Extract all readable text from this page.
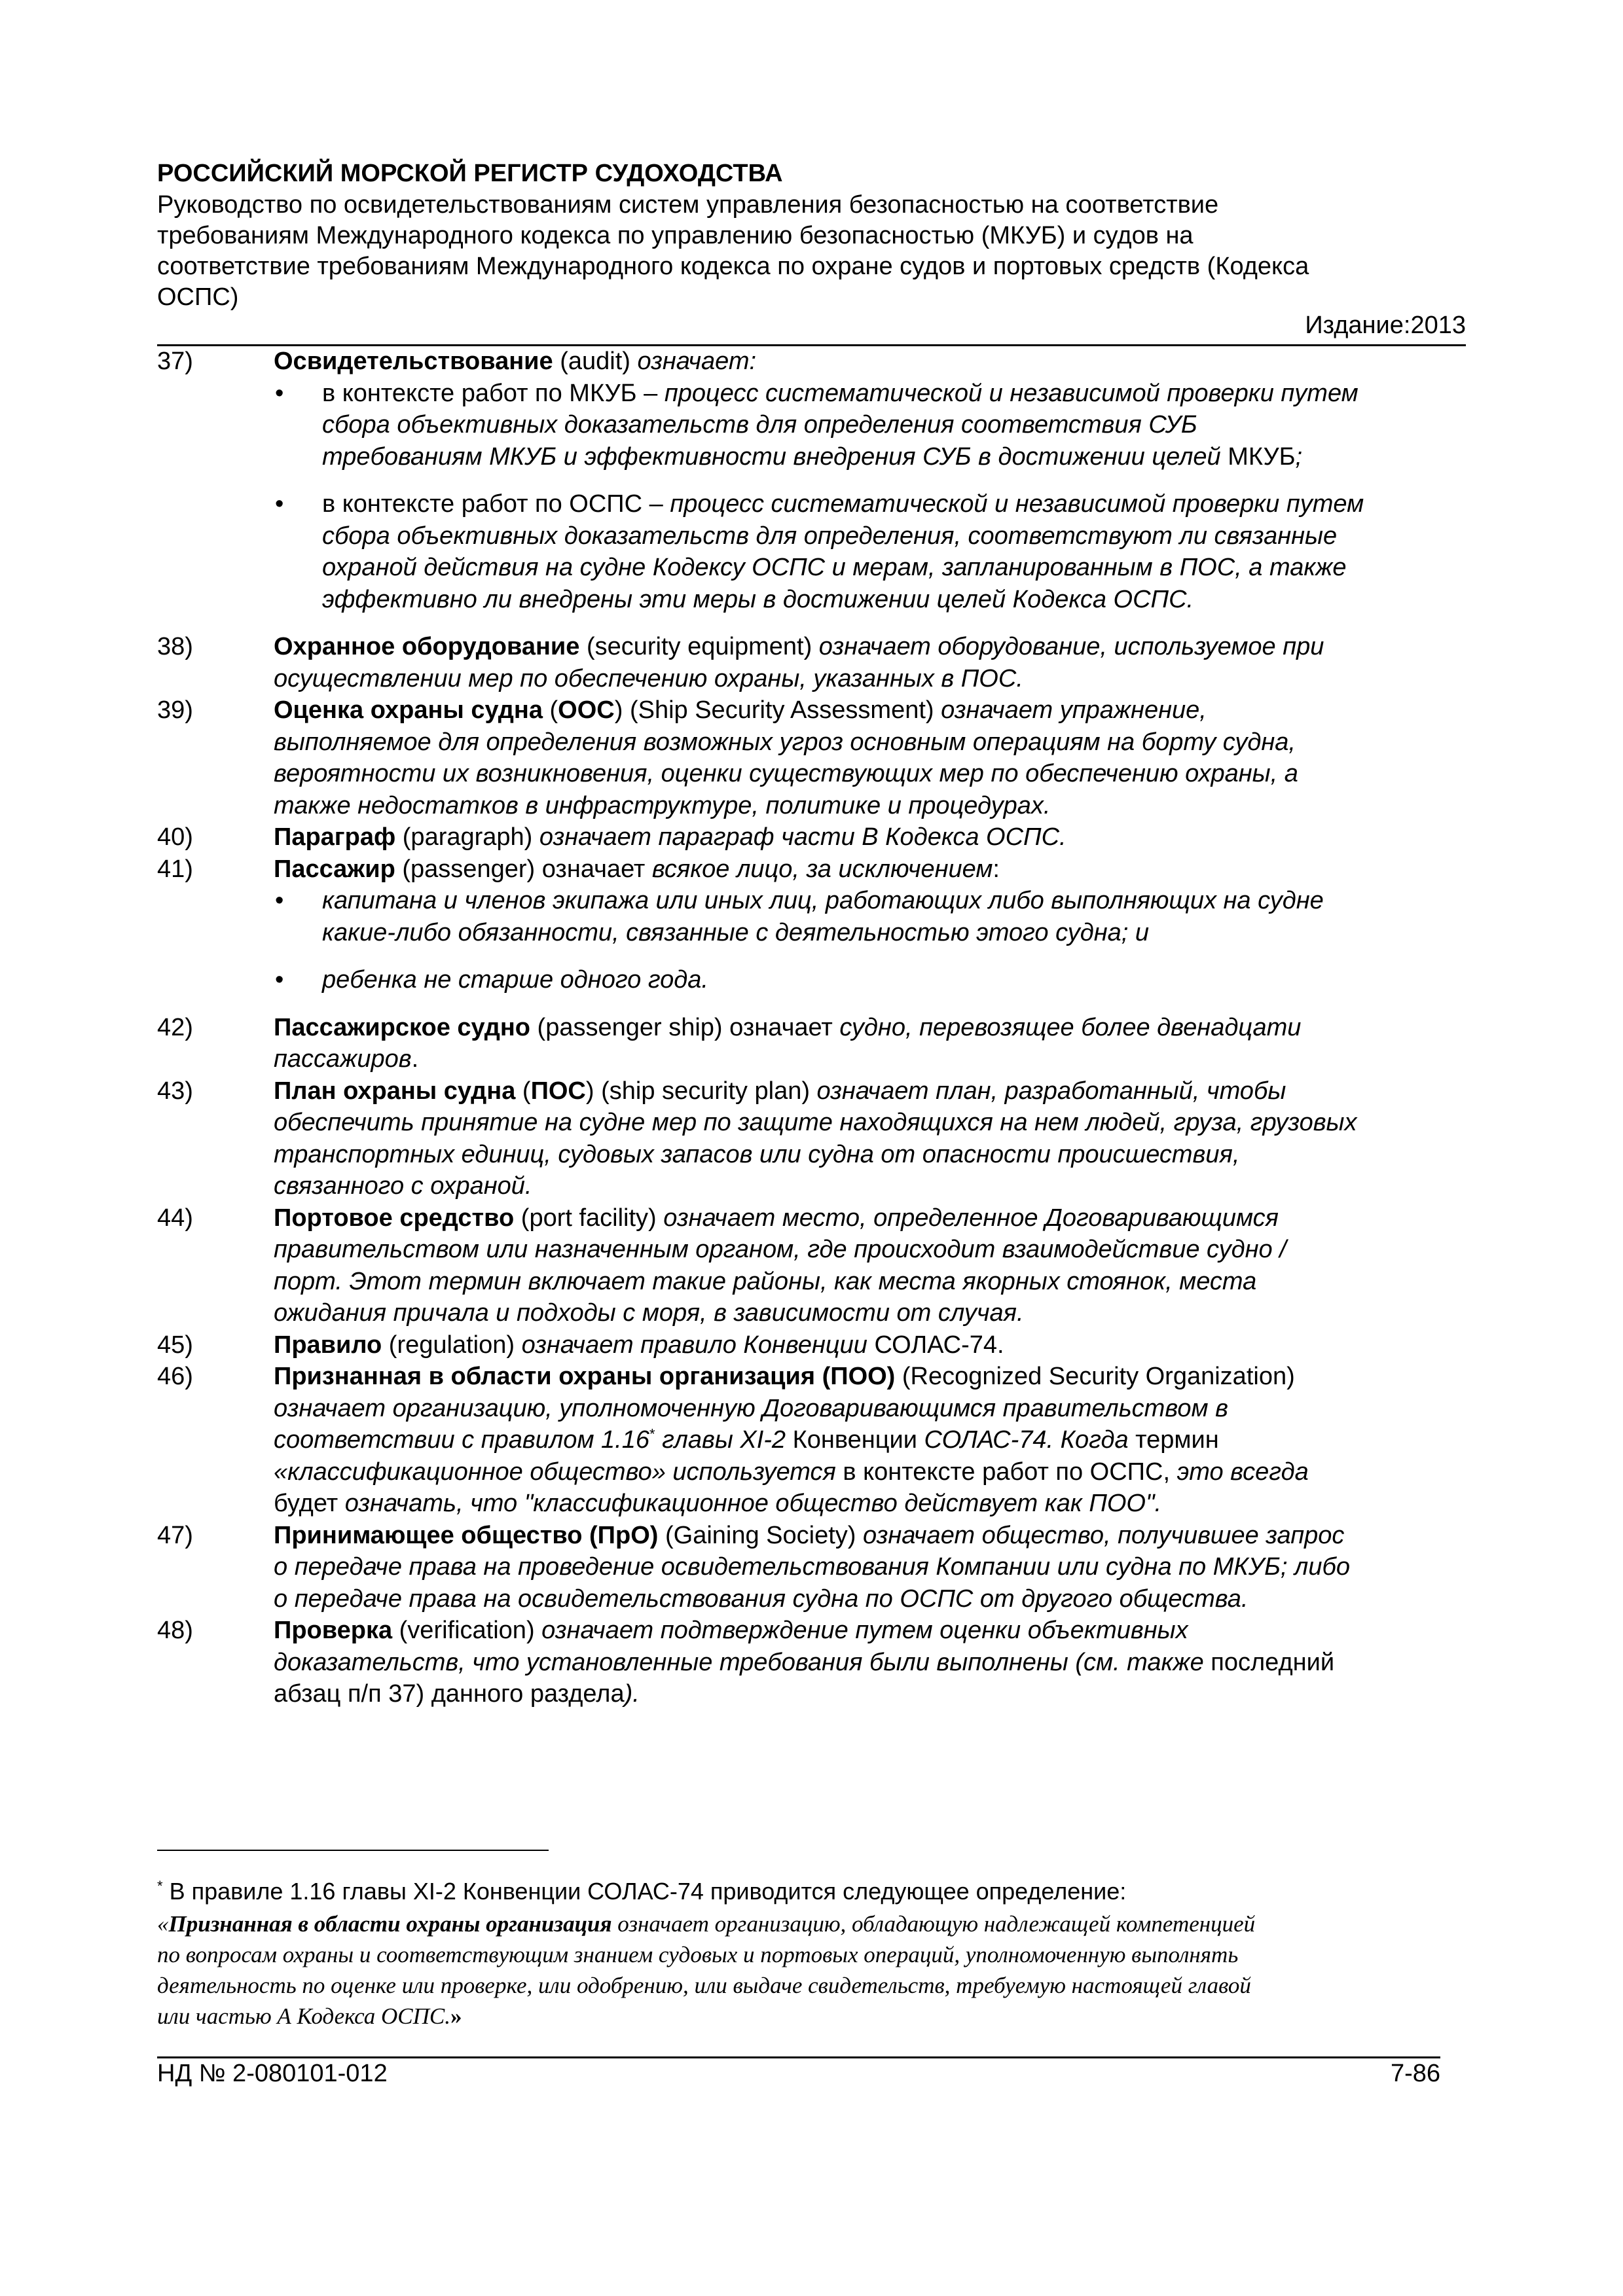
РОССИЙСКИЙ МОРСКОЙ РЕГИСТР СУДОХОДСТВА
Руководство по освидетельствованиям систем управления безопасностью на соответствие
требованиям Международного кодекса по управлению безопасностью (МКУБ) и судов на
соответствие требованиям Международного кодекса по охране судов и портовых средств (Кодекса
ОСПС)
Издание:2013
37)	Освидетельствование (audit) означает:
• в контексте работ по МКУБ – процесс систематической и независимой проверки путем
сбора объективных доказательств для определения соответствия СУБ
требованиям МКУБ и эффективности внедрения СУБ в достижении целей МКУБ;
• в контексте работ по ОСПС – процесс систематической и независимой проверки путем
сбора объективных доказательств для определения, соответствуют ли связанные
охраной действия на судне Кодексу ОСПС и мерам, запланированным в ПОС, а также
эффективно ли внедрены эти меры в достижении целей Кодекса ОСПС.
38)	Охранное оборудование (security equipment) означает оборудование, используемое при
осуществлении мер по обеспечению охраны, указанных в ПОС.
39)	Оценка охраны судна (ООС) (Ship Security Assessment) означает упражнение,
выполняемое для определения возможных угроз основным операциям на борту судна,
вероятности их возникновения, оценки существующих мер по обеспечению охраны, а
также недостатков в инфраструктуре, политике и процедурах.
40)	Параграф (paragraph) означает параграф части B Кодекса ОСПС.
41)	Пассажир (passenger) означает всякое лицо, за исключением:
• капитана и членов экипажа или иных лиц, работающих либо выполняющих на судне
какие-либо обязанности, связанные с деятельностью этого судна; и
• ребенка не старше одного года.
42)	Пассажирское судно (passenger ship) означает судно, перевозящее более двенадцати
пассажиров.
43)	План охраны судна (ПОС) (ship security plan) означает план, разработанный, чтобы
обеспечить принятие на судне мер по защите находящихся на нем людей, груза, грузовых
транспортных единиц, судовых запасов или судна от опасности происшествия,
связанного с охраной.
44)	Портовое средство (port facility) означает место, определенное Договаривающимся
правительством или назначенным органом, где происходит взаимодействие судно /
порт. Этот термин включает такие районы, как места якорных стоянок, места
ожидания причала и подходы с моря, в зависимости от случая.
45)	Правило (regulation) означает правило Конвенции СОЛАС-74.
46)	Признанная в области охраны организация (ПОО) (Recognized Security Organization)
означает организацию, уполномоченную Договаривающимся правительством в
соответствии с правилом 1.16* главы XI-2 Конвенции СОЛАС-74. Когда термин
«классификационное общество» используется в контексте работ по ОСПС, это всегда
будет означать, что "классификационное общество действует как ПОО".
47)	Принимающее общество (ПрО) (Gaining Society) означает общество, получившее запрос
о передаче права на проведение освидетельствования Компании или судна по МКУБ; либо
о передаче права на освидетельствования судна по ОСПС от другого общества.
48)	Проверка (verification) означает подтверждение путем оценки объективных
доказательств, что установленные требования были выполнены (см. также последний
абзац п/п 37) данного раздела).
* В правиле 1.16 главы XI-2 Конвенции СОЛАС-74 приводится следующее определение:
«Признанная в области охраны организация означает организацию, обладающую надлежащей компетенцией
по вопросам охраны и соответствующим знанием судовых и портовых операций, уполномоченную выполнять
деятельность по оценке или проверке, или одобрению, или выдаче свидетельств, требуемую настоящей главой
или частью А Кодекса ОСПС.»
НД № 2-080101-012	7-86
